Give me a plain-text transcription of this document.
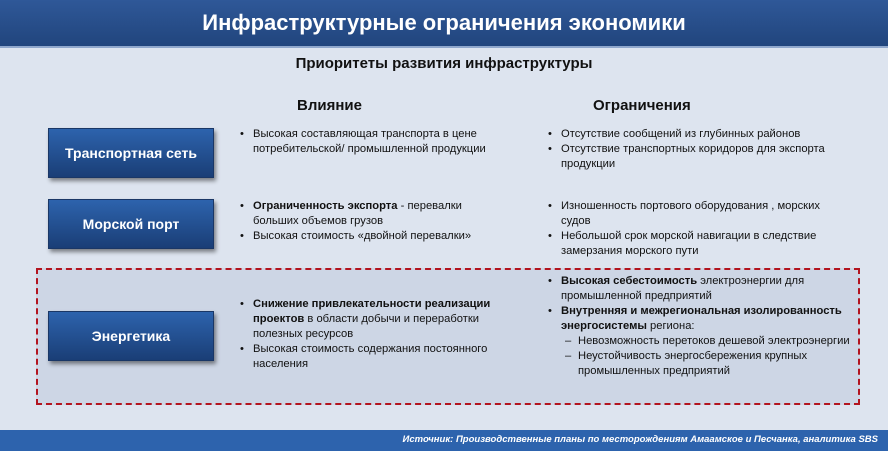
Инфраструктурные ограничения экономики
Приоритеты развития инфраструктуры
Влияние	Ограничения
Транспортная сеть
• Высокая составляющая транспорта в цене потребительской/ промышленной продукции
• Отсутствие сообщений из глубинных районов
• Отсутствие транспортных коридоров для экспорта продукции
Морской порт
• Ограниченность экспорта - перевалки больших объемов грузов
• Высокая стоимость «двойной перевалки»
• Изношенность портового оборудования , морских судов
• Небольшой срок морской навигации в следствие замерзания морского пути
Энергетика
• Снижение привлекательности реализации проектов в области добычи и переработки полезных ресурсов
• Высокая стоимость содержания постоянного населения
• Высокая себестоимость электроэнергии для промышленной предприятий
• Внутренняя и межрегиональная изолированность энергосистемы региона:
– Невозможность перетоков дешевой электроэнергии
– Неустойчивость энергосбережения крупных промышленных предприятий
Источник: Производственные планы по месторождениям Амаамское и Песчанка, аналитика SBS
